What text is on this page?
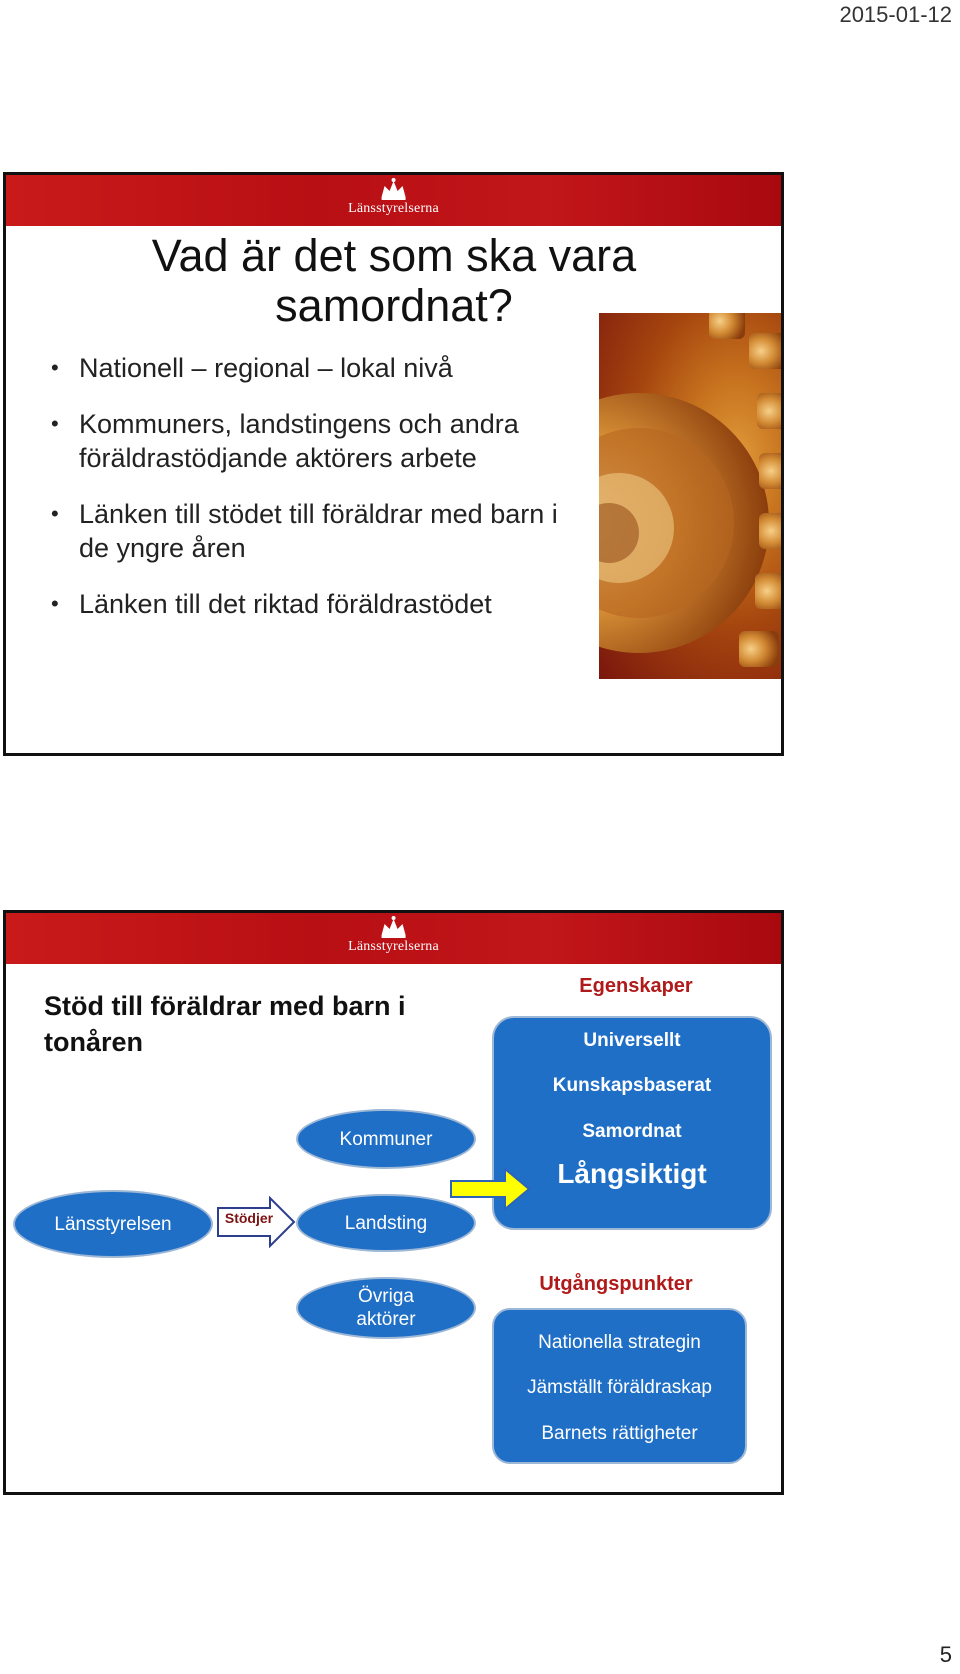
2015-01-12
Länsstyrelserna
Vad är det som ska vara
samordnat?
• Nationell – regional – lokal nivå
• Kommuners, landstingens och andra föräldrastödjande aktörers arbete
• Länken till stödet till föräldrar med barn i de yngre åren
• Länken till det riktad föräldrastödet
Länsstyrelserna
Stöd till föräldrar med barn i tonåren
Egenskaper
Universellt
Kunskapsbaserat
Samordnat
Långsiktigt
Kommuner
Länsstyrelsen	Landsting
Övriga aktörer
Stödjer
Utgångspunkter
Nationella strategin
Jämställt föräldraskap
Barnets rättigheter
5
